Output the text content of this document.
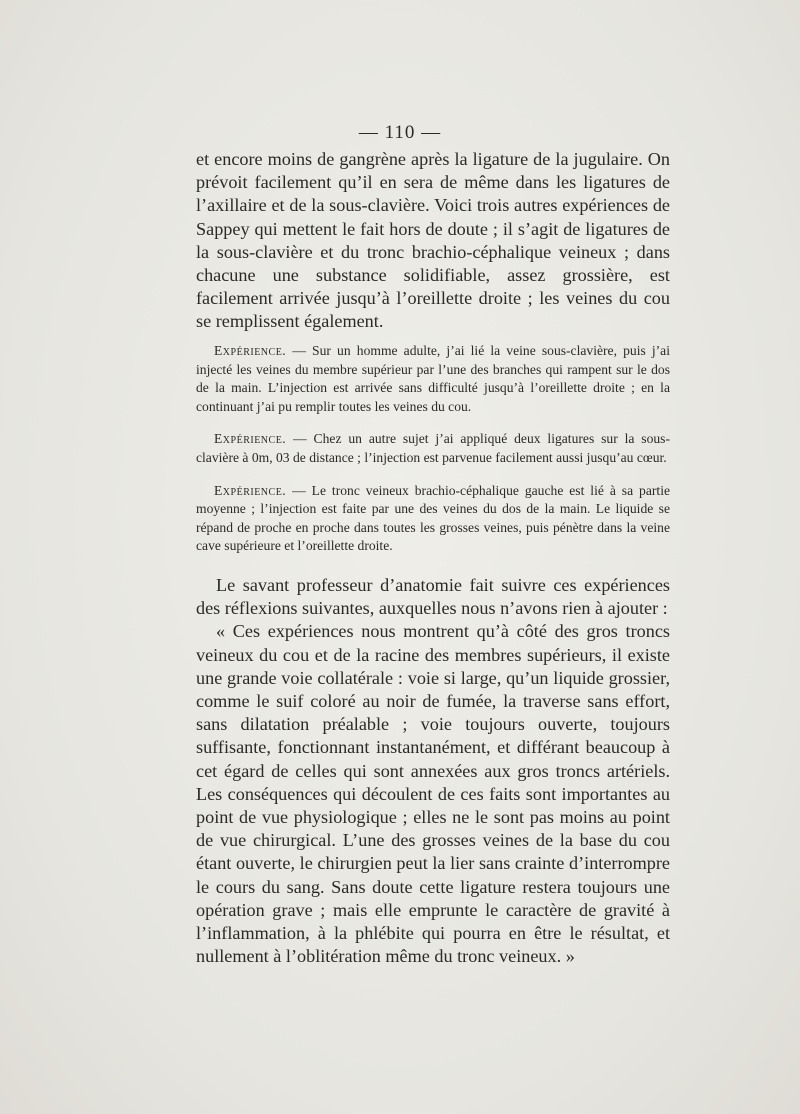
— 110 —

et encore moins de gangrène après la ligature de la jugulaire. On prévoit facilement qu’il en sera de même dans les ligatures de l’axillaire et de la sous-clavière. Voici trois autres expériences de Sappey qui mettent le fait hors de doute ; il s’agit de ligatures de la sous-clavière et du tronc brachio-céphalique veineux ; dans chacune une substance solidifiable, assez grossière, est facilement arrivée jusqu’à l’oreillette droite ; les veines du cou se remplissent également.

Expérience. — Sur un homme adulte, j’ai lié la veine sous-clavière, puis j’ai injecté les veines du membre supérieur par l’une des branches qui rampent sur le dos de la main. L’injection est arrivée sans difficulté jusqu’à l’oreillette droite ; en la continuant j’ai pu remplir toutes les veines du cou.

Expérience. — Chez un autre sujet j’ai appliqué deux ligatures sur la sous-clavière à 0m, 03 de distance ; l’injection est parvenue facilement aussi jusqu’au cœur.

Expérience. — Le tronc veineux brachio-céphalique gauche est lié à sa partie moyenne ; l’injection est faite par une des veines du dos de la main. Le liquide se répand de proche en proche dans toutes les grosses veines, puis pénètre dans la veine cave supérieure et l’oreillette droite.

Le savant professeur d’anatomie fait suivre ces expériences des réflexions suivantes, auxquelles nous n’avons rien à ajouter :

« Ces expériences nous montrent qu’à côté des gros troncs veineux du cou et de la racine des membres supérieurs, il existe une grande voie collatérale : voie si large, qu’un liquide grossier, comme le suif coloré au noir de fumée, la traverse sans effort, sans dilatation préalable ; voie toujours ouverte, toujours suffisante, fonctionnant instantanément, et différant beaucoup à cet égard de celles qui sont annexées aux gros troncs artériels. Les conséquences qui découlent de ces faits sont importantes au point de vue physiologique ; elles ne le sont pas moins au point de vue chirurgical. L’une des grosses veines de la base du cou étant ouverte, le chirurgien peut la lier sans crainte d’interrompre le cours du sang. Sans doute cette ligature restera toujours une opération grave ; mais elle emprunte le caractère de gravité à l’inflammation, à la phlébite qui pourra en être le résultat, et nullement à l’oblitération même du tronc veineux. »
